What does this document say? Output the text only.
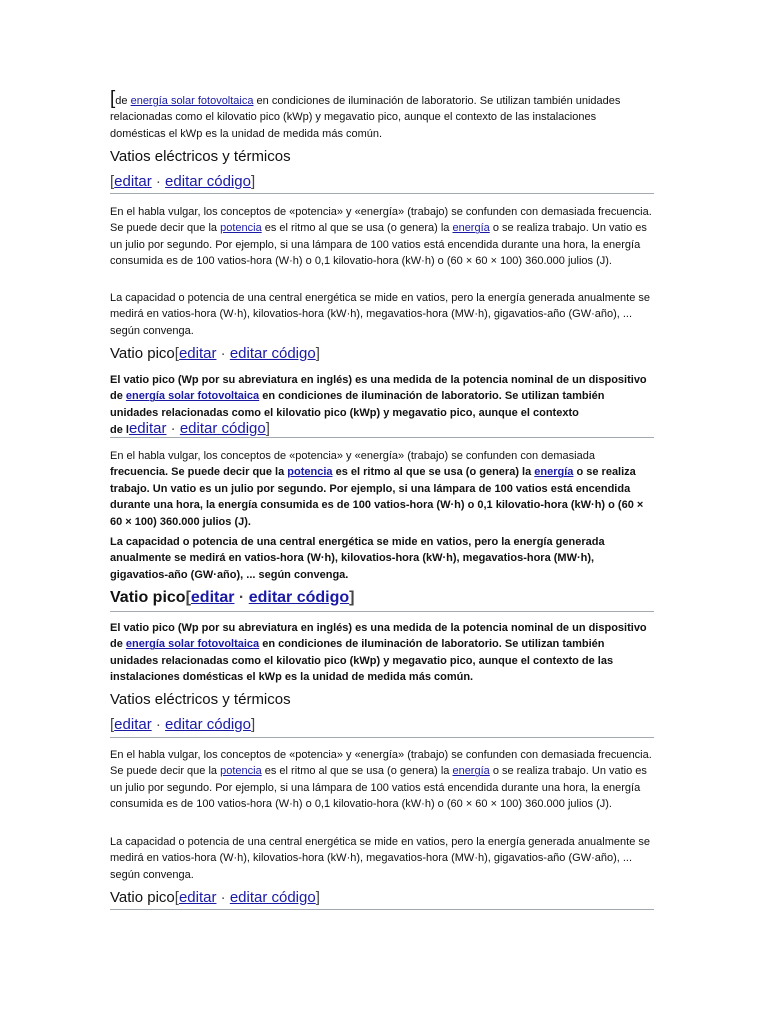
[de energía solar fotovoltaica en condiciones de iluminación de laboratorio. Se utilizan también unidades relacionadas como el kilovatio pico (kWp) y megavatio pico, aunque el contexto de las instalaciones domésticas el kWp es la unidad de medida más común.

Vatios eléctricos y térmicos
[editar · editar código]

En el habla vulgar, los conceptos de «potencia» y «energía» (trabajo) se confunden con demasiada frecuencia. Se puede decir que la potencia es el ritmo al que se usa (o genera) la energía o se realiza trabajo. Un vatio es un julio por segundo. Por ejemplo, si una lámpara de 100 vatios está encendida durante una hora, la energía consumida es de 100 vatios-hora (W·h) o 0,1 kilovatio-hora (kW·h) o (60 × 60 × 100) 360.000 julios (J).

La capacidad o potencia de una central energética se mide en vatios, pero la energía generada anualmente se medirá en vatios-hora (W·h), kilovatios-hora (kW·h), megavatios-hora (MW·h), gigavatios-año (GW·año), ... según convenga.

Vatio pico[editar · editar código]

El vatio pico (Wp por su abreviatura en inglés) es una medida de la potencia nominal de un dispositivo de energía solar fotovoltaica en condiciones de iluminación de laboratorio. Se utilizan también unidades relacionadas como el kilovatio pico (kWp) y megavatio pico, aunque el contexto

de leditar · editar código]

En el habla vulgar, los conceptos de «potencia» y «energía» (trabajo) se confunden con demasiada frecuencia. Se puede decir que la potencia es el ritmo al que se usa (o genera) la energía o se realiza trabajo. Un vatio es un julio por segundo. Por ejemplo, si una lámpara de 100 vatios está encendida durante una hora, la energía consumida es de 100 vatios-hora (W·h) o 0,1 kilovatio-hora (kW·h) o (60 × 60 × 100) 360.000 julios (J).

La capacidad o potencia de una central energética se mide en vatios, pero la energía generada anualmente se medirá en vatios-hora (W·h), kilovatios-hora (kW·h), megavatios-hora (MW·h), gigavatios-año (GW·año), ... según convenga.

Vatio pico[editar · editar código]

El vatio pico (Wp por su abreviatura en inglés) es una medida de la potencia nominal de un dispositivo de energía solar fotovoltaica en condiciones de iluminación de laboratorio. Se utilizan también unidades relacionadas como el kilovatio pico (kWp) y megavatio pico, aunque el contexto de las instalaciones domésticas el kWp es la unidad de medida más común.

Vatios eléctricos y térmicos
[editar · editar código]

En el habla vulgar, los conceptos de «potencia» y «energía» (trabajo) se confunden con demasiada frecuencia. Se puede decir que la potencia es el ritmo al que se usa (o genera) la energía o se realiza trabajo. Un vatio es un julio por segundo. Por ejemplo, si una lámpara de 100 vatios está encendida durante una hora, la energía consumida es de 100 vatios-hora (W·h) o 0,1 kilovatio-hora (kW·h) o (60 × 60 × 100) 360.000 julios (J).

La capacidad o potencia de una central energética se mide en vatios, pero la energía generada anualmente se medirá en vatios-hora (W·h), kilovatios-hora (kW·h), megavatios-hora (MW·h), gigavatios-año (GW·año), ... según convenga.

Vatio pico[editar · editar código]
